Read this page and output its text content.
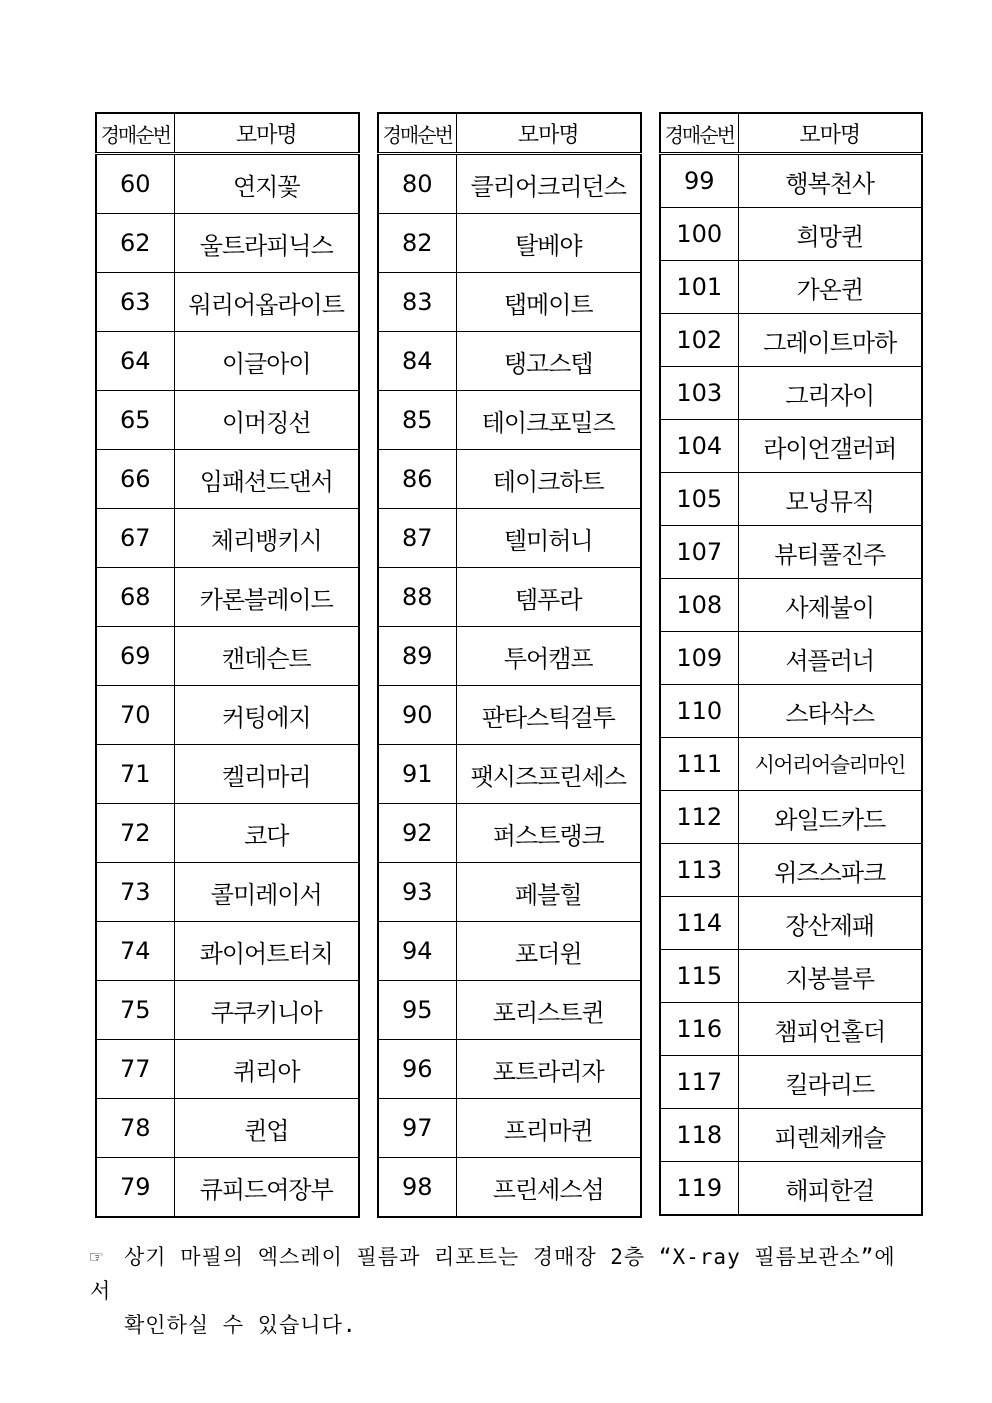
경매순번	모마명
60	연지꽃
62	울트라피닉스
63	워리어옵라이트
64	이글아이
65	이머징선
66	임패션드댄서
67	체리뱅키시
68	카론블레이드
69	캔데슨트
70	커팅에지
71	켈리마리
72	코다
73	콜미레이서
74	콰이어트터치
75	쿠쿠키니아
77	퀴리아
78	퀸업
79	큐피드여장부
경매순번	모마명
80	클리어크리던스
82	탈베야
83	탭메이트
84	탱고스텝
85	테이크포밀즈
86	테이크하트
87	텔미허니
88	템푸라
89	투어캠프
90	판타스틱걸투
91	팻시즈프린세스
92	퍼스트랭크
93	페블힐
94	포더윈
95	포리스트퀸
96	포트라리자
97	프리마퀸
98	프린세스섬
경매순번	모마명
99	행복천사
100	희망퀸
101	가온퀸
102	그레이트마하
103	그리자이
104	라이언갤러퍼
105	모닝뮤직
107	뷰티풀진주
108	사제불이
109	셔플러너
110	스타삭스
111	시어리어슬리마인
112	와일드카드
113	위즈스파크
114	장산제패
115	지봉블루
116	챔피언홀더
117	킬라리드
118	피렌체캐슬
119	해피한걸
☞ 상기 마필의 엑스레이 필름과 리포트는 경매장 2층 “X-ray 필름보관소”에서
확인하실 수 있습니다.
